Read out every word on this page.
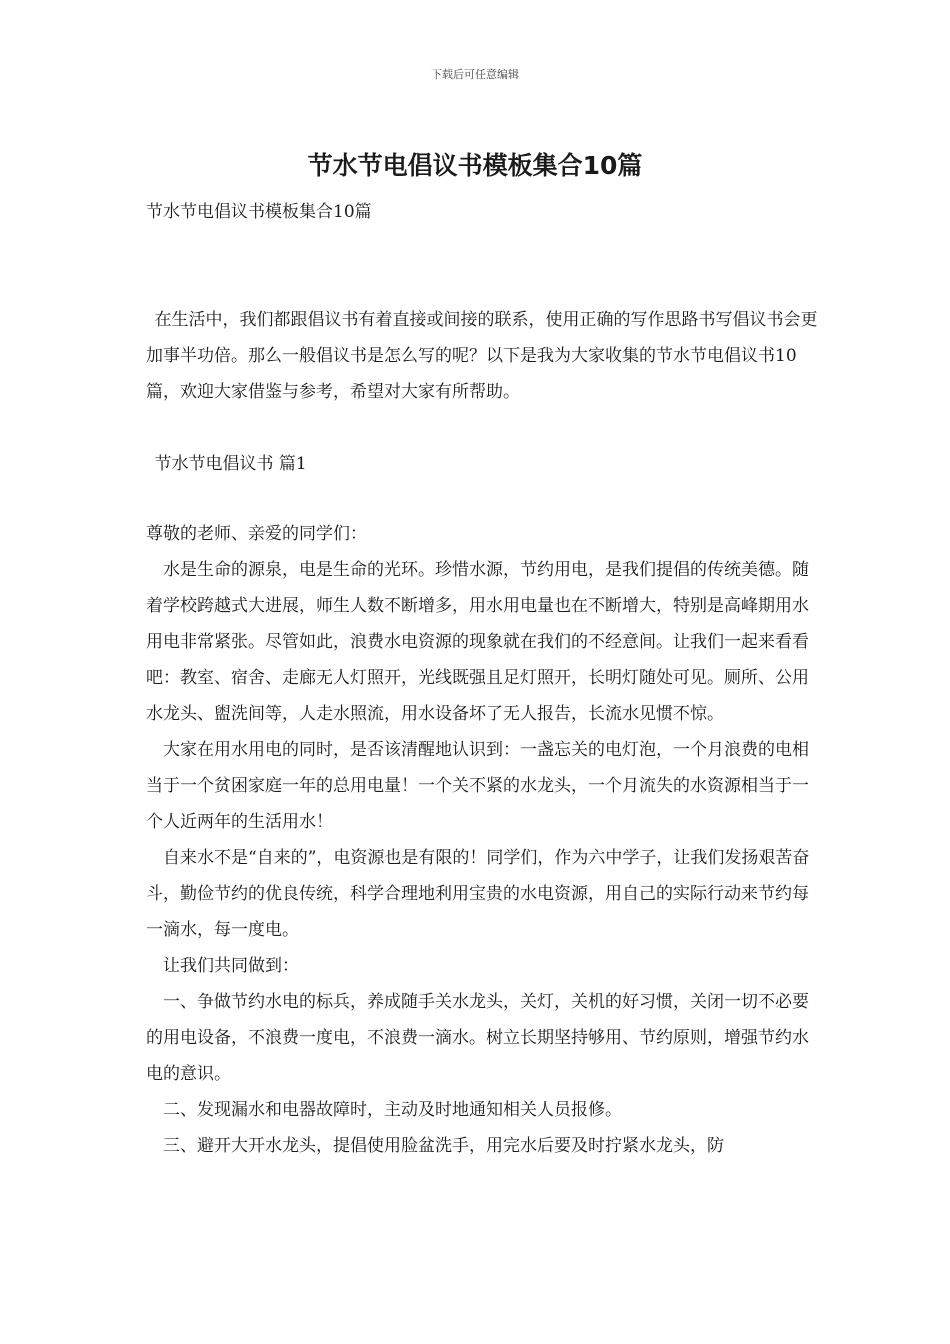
下载后可任意编辑
节水节电倡议书模板集合10篇

节水节电倡议书模板集合10篇

在生活中，我们都跟倡议书有着直接或间接的联系，使用正确的写作思路书写倡议书会更加事半功倍。那么一般倡议书是怎么写的呢？以下是我为大家收集的节水节电倡议书10篇，欢迎大家借鉴与参考，希望对大家有所帮助。

节水节电倡议书 篇1

尊敬的老师、亲爱的同学们：

水是生命的源泉，电是生命的光环。珍惜水源，节约用电，是我们提倡的传统美德。随着学校跨越式大进展，师生人数不断增多，用水用电量也在不断增大，特别是高峰期用水用电非常紧张。尽管如此，浪费水电资源的现象就在我们的不经意间。让我们一起来看看吧：教室、宿舍、走廊无人灯照开，光线既强且足灯照开，长明灯随处可见。厕所、公用水龙头、盥洗间等，人走水照流，用水设备坏了无人报告，长流水见惯不惊。

大家在用水用电的同时，是否该清醒地认识到：一盏忘关的电灯泡，一个月浪费的电相当于一个贫困家庭一年的总用电量！一个关不紧的水龙头，一个月流失的水资源相当于一个人近两年的生活用水！

自来水不是“自来的”，电资源也是有限的！同学们，作为六中学子，让我们发扬艰苦奋斗，勤俭节约的优良传统，科学合理地利用宝贵的水电资源，用自己的实际行动来节约每一滴水，每一度电。

让我们共同做到：

一、争做节约水电的标兵，养成随手关水龙头，关灯，关机的好习惯，关闭一切不必要的用电设备，不浪费一度电，不浪费一滴水。树立长期坚持够用、节约原则，增强节约水电的意识。

二、发现漏水和电器故障时，主动及时地通知相关人员报修。

三、避开大开水龙头，提倡使用脸盆洗手，用完水后要及时拧紧水龙头，防
